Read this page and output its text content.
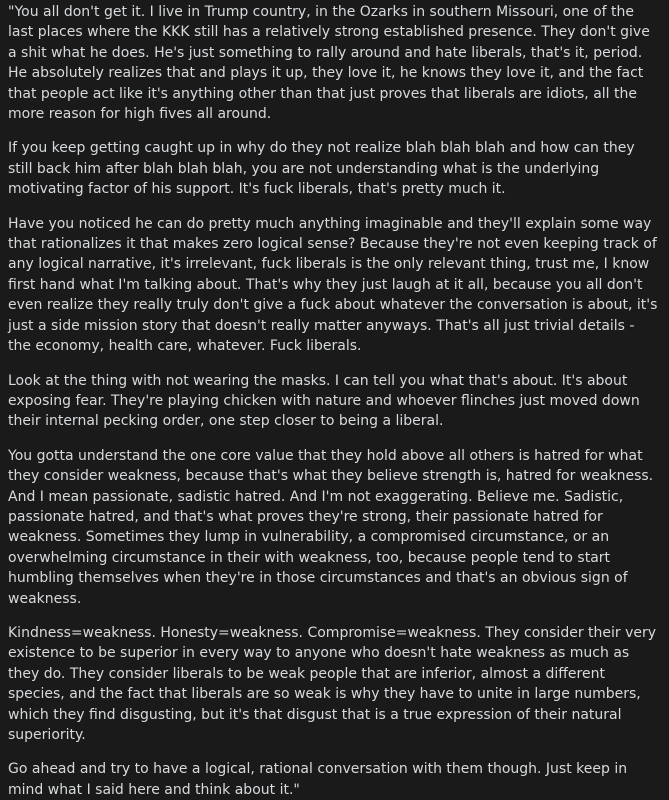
"You all don't get it. I live in Trump country, in the Ozarks in southern Missouri, one of the last places where the KKK still has a relatively strong established presence. They don't give a shit what he does. He's just something to rally around and hate liberals, that's it, period. He absolutely realizes that and plays it up, they love it, he knows they love it, and the fact that people act like it's anything other than that just proves that liberals are idiots, all the more reason for high fives all around.

If you keep getting caught up in why do they not realize blah blah blah and how can they still back him after blah blah blah, you are not understanding what is the underlying motivating factor of his support. It's fuck liberals, that's pretty much it.

Have you noticed he can do pretty much anything imaginable and they'll explain some way that rationalizes it that makes zero logical sense? Because they're not even keeping track of any logical narrative, it's irrelevant, fuck liberals is the only relevant thing, trust me, I know first hand what I'm talking about. That's why they just laugh at it all, because you all don't even realize they really truly don't give a fuck about whatever the conversation is about, it's just a side mission story that doesn't really matter anyways. That's all just trivial details - the economy, health care, whatever. Fuck liberals.

Look at the thing with not wearing the masks. I can tell you what that's about. It's about exposing fear. They're playing chicken with nature and whoever flinches just moved down their internal pecking order, one step closer to being a liberal.

You gotta understand the one core value that they hold above all others is hatred for what they consider weakness, because that's what they believe strength is, hatred for weakness. And I mean passionate, sadistic hatred. And I'm not exaggerating. Believe me. Sadistic, passionate hatred, and that's what proves they're strong, their passionate hatred for weakness. Sometimes they lump in vulnerability, a compromised circumstance, or an overwhelming circumstance in their with weakness, too, because people tend to start humbling themselves when they're in those circumstances and that's an obvious sign of weakness.

Kindness=weakness. Honesty=weakness. Compromise=weakness. They consider their very existence to be superior in every way to anyone who doesn't hate weakness as much as they do. They consider liberals to be weak people that are inferior, almost a different species, and the fact that liberals are so weak is why they have to unite in large numbers, which they find disgusting, but it's that disgust that is a true expression of their natural superiority.

Go ahead and try to have a logical, rational conversation with them though. Just keep in mind what I said here and think about it."
